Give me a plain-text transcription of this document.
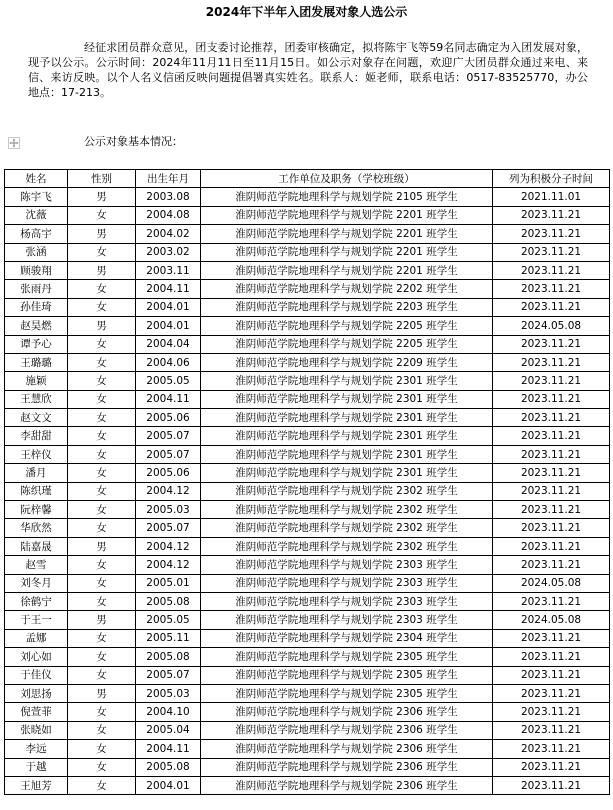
2024年下半年入团发展对象人选公示

经征求团员群众意见，团支委讨论推荐，团委审核确定，拟将陈宇飞等59名同志确定为入团发展对象，现予以公示。公示时间：2024年11月11日至11月15日。如公示对象存在问题，欢迎广大团员群众通过来电、来信、来访反映。以个人名义信函反映问题提倡署真实姓名。联系人：姬老师，联系电话：0517-83525770，办公地点：17-213。

公示对象基本情况：
姓名	性别	出生年月	工作单位及职务（学校班级）	列为积极分子时间
陈宇飞	男	2003.08	淮阴师范学院地理科学与规划学院 2105 班学生	2021.11.01
沈薇	女	2004.08	淮阴师范学院地理科学与规划学院 2201 班学生	2023.11.21
杨高宇	男	2004.02	淮阴师范学院地理科学与规划学院 2201 班学生	2023.11.21
张涵	女	2003.02	淮阴师范学院地理科学与规划学院 2201 班学生	2023.11.21
顾骏翔	男	2003.11	淮阴师范学院地理科学与规划学院 2201 班学生	2023.11.21
张雨丹	女	2004.11	淮阴师范学院地理科学与规划学院 2202 班学生	2023.11.21
孙佳琦	女	2004.01	淮阴师范学院地理科学与规划学院 2203 班学生	2023.11.21
赵昊燃	男	2004.01	淮阴师范学院地理科学与规划学院 2205 班学生	2024.05.08
谭予心	女	2004.04	淮阴师范学院地理科学与规划学院 2205 班学生	2023.11.21
王璐璐	女	2004.06	淮阴师范学院地理科学与规划学院 2209 班学生	2023.11.21
施颖	女	2005.05	淮阴师范学院地理科学与规划学院 2301 班学生	2023.11.21
王慧欣	女	2004.11	淮阴师范学院地理科学与规划学院 2301 班学生	2023.11.21
赵文文	女	2005.06	淮阴师范学院地理科学与规划学院 2301 班学生	2023.11.21
李甜甜	女	2005.07	淮阴师范学院地理科学与规划学院 2301 班学生	2023.11.21
王梓仪	女	2005.07	淮阴师范学院地理科学与规划学院 2301 班学生	2023.11.21
潘月	女	2005.06	淮阴师范学院地理科学与规划学院 2301 班学生	2023.11.21
陈织瑾	女	2004.12	淮阴师范学院地理科学与规划学院 2302 班学生	2023.11.21
阮梓馨	女	2005.03	淮阴师范学院地理科学与规划学院 2302 班学生	2023.11.21
华欣然	女	2005.07	淮阴师范学院地理科学与规划学院 2302 班学生	2023.11.21
陆嘉晟	男	2004.12	淮阴师范学院地理科学与规划学院 2302 班学生	2023.11.21
赵雪	女	2004.12	淮阴师范学院地理科学与规划学院 2303 班学生	2023.11.21
刘冬月	女	2005.01	淮阴师范学院地理科学与规划学院 2303 班学生	2024.05.08
徐鹤宁	女	2005.08	淮阴师范学院地理科学与规划学院 2303 班学生	2023.11.21
于王一	男	2005.05	淮阴师范学院地理科学与规划学院 2303 班学生	2024.05.08
孟娜	女	2005.11	淮阴师范学院地理科学与规划学院 2304 班学生	2023.11.21
刘心如	女	2005.08	淮阴师范学院地理科学与规划学院 2305 班学生	2023.11.21
于佳仪	女	2005.07	淮阴师范学院地理科学与规划学院 2305 班学生	2023.11.21
刘思扬	男	2005.03	淮阴师范学院地理科学与规划学院 2305 班学生	2023.11.21
倪萱菲	女	2004.10	淮阴师范学院地理科学与规划学院 2306 班学生	2023.11.21
张晓如	女	2005.04	淮阴师范学院地理科学与规划学院 2306 班学生	2023.11.21
李远	女	2004.11	淮阴师范学院地理科学与规划学院 2306 班学生	2023.11.21
于越	女	2005.08	淮阴师范学院地理科学与规划学院 2306 班学生	2023.11.21
王旭芳	女	2004.01	淮阴师范学院地理科学与规划学院 2306 班学生	2023.11.21
